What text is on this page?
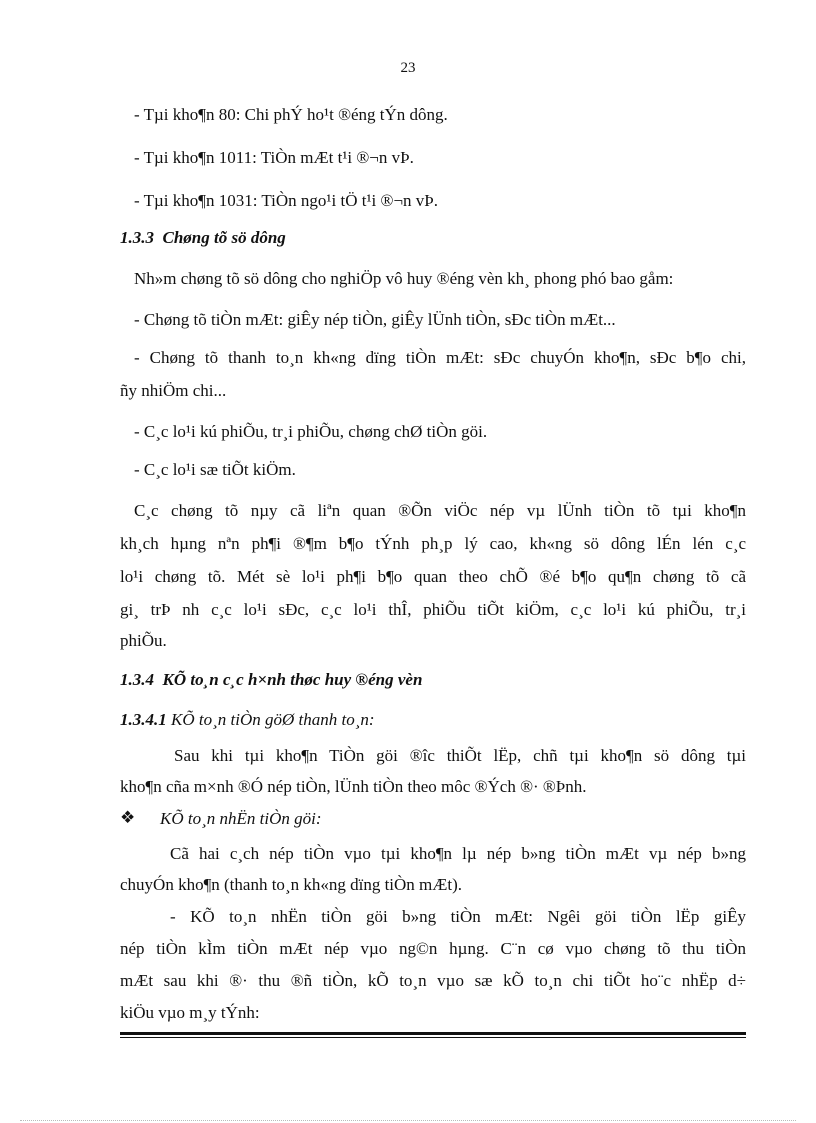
23
- Tµi kho¶n 80: Chi phÝ ho¹t ®éng tÝn dông.
- Tµi kho¶n 1011: TiÒn mÆt t¹i ®¬n vÞ.
- Tµi kho¶n 1031: TiÒn ngo¹i tÖ t¹i ®¬n vÞ.
1.3.3 Chøng tõ sö dông
Nh»m chøng tõ sö dông cho nghiÖp vô huy ®éng vèn kh¸ phong phó bao gåm:
- Chøng tõ tiÒn mÆt: giÊy nép tiÒn, giÊy lÜnh tiÒn, sÐc tiÒn mÆt...
- Chøng tõ thanh to¸n kh«ng dïng tiÒn mÆt: sÐc chuyÓn kho¶n, sÐc b¶o chi,
ñy nhiÖm chi...
- C¸c lo¹i kú phiÕu, tr¸i phiÕu, chøng chØ tiÒn göi.
- C¸c lo¹i sæ tiÕt kiÖm.
C¸c chøng tõ nµy cã liªn quan ®Õn viÖc nép vµ lÜnh tiÒn tõ tµi kho¶n
kh¸ch hµng nªn ph¶i ®¶m b¶o tÝnh ph¸p lý cao, kh«ng sö dông lÉn lén c¸c
lo¹i chøng tõ. Mét sè lo¹i ph¶i b¶o quan theo chÕ ®é b¶o qu¶n chøng tõ cã
gi¸ trÞ nh c¸c lo¹i sÐc, c¸c lo¹i thÎ, phiÕu tiÕt kiÖm, c¸c lo¹i kú phiÕu, tr¸i
phiÕu.
1.3.4 KÕ to¸n c¸c h×nh thøc huy ®éng vèn
1.3.4.1 KÕ to¸n tiÒn göØ thanh to¸n:
Sau khi tµi kho¶n TiÒn göi ®îc thiÕt lËp, chñ tµi kho¶n sö dông tµi
kho¶n cña m×nh ®Ó nép tiÒn, lÜnh tiÒn theo môc ®Ých ®· ®Þnh.
❖ KÕ to¸n nhËn tiÒn göi:
Cã hai c¸ch nép tiÒn vµo tµi kho¶n lµ nép b»ng tiÒn mÆt vµ nép b»ng
chuyÓn kho¶n (thanh to¸n kh«ng dïng tiÒn mÆt).
- KÕ to¸n nhËn tiÒn göi b»ng tiÒn mÆt: Ngêi göi tiÒn lËp giÊy
nép tiÒn kÌm tiÒn mÆt nép vµo ng©n hµng. C¨n cø vµo chøng tõ thu tiÒn
mÆt sau khi ®· thu ®ñ tiÒn, kÕ to¸n vµo sæ kÕ to¸n chi tiÕt ho¨c nhËp d÷
kiÖu vµo m¸y tÝnh:
